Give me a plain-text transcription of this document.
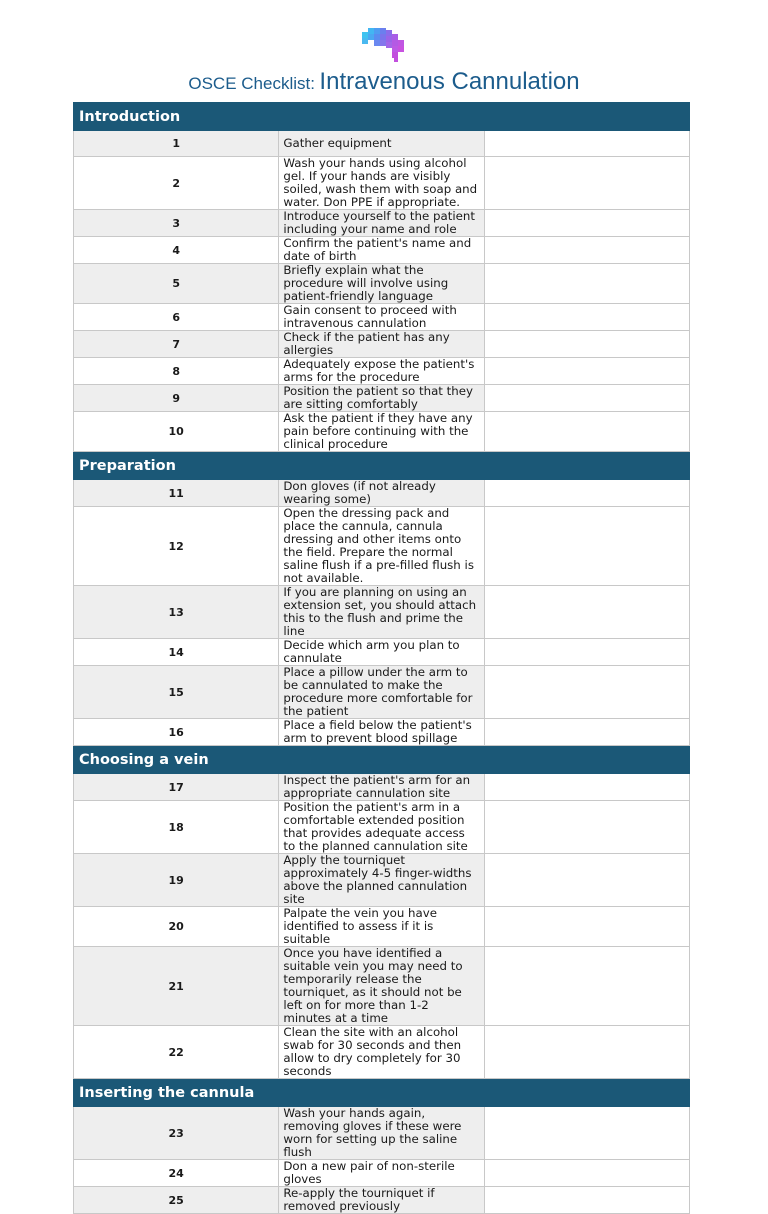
OSCE Checklist: Intravenous Cannulation
Introduction		
1	Gather equipment	
2	Wash your hands using alcohol gel. If your hands are visibly soiled, wash them with soap and water. Don PPE if appropriate.	
3	Introduce yourself to the patient including your name and role	
4	Confirm the patient's name and date of birth	
5	Briefly explain what the procedure will involve using patient-friendly language	
6	Gain consent to proceed with intravenous cannulation	
7	Check if the patient has any allergies	
8	Adequately expose the patient's arms for the procedure	
9	Position the patient so that they are sitting comfortably	
10	Ask the patient if they have any pain before continuing with the clinical procedure	
Preparation		
11	Don gloves (if not already wearing some)	
12	Open the dressing pack and place the cannula, cannula dressing and other items onto the field. Prepare the normal saline flush if a pre-filled flush is not available.	
13	If you are planning on using an extension set, you should attach this to the flush and prime the line	
14	Decide which arm you plan to cannulate	
15	Place a pillow under the arm to be cannulated to make the procedure more comfortable for the patient	
16	Place a field below the patient's arm to prevent blood spillage	
Choosing a vein		
17	Inspect the patient's arm for an appropriate cannulation site	
18	Position the patient's arm in a comfortable extended position that provides adequate access to the planned cannulation site	
19	Apply the tourniquet approximately 4-5 finger-widths above the planned cannulation site	
20	Palpate the vein you have identified to assess if it is suitable	
21	Once you have identified a suitable vein you may need to temporarily release the tourniquet, as it should not be left on for more than 1-2 minutes at a time	
22	Clean the site with an alcohol swab for 30 seconds and then allow to dry completely for 30 seconds	
Inserting the cannula		
23	Wash your hands again, removing gloves if these were worn for setting up the saline flush	
24	Don a new pair of non-sterile gloves	
25	Re-apply the tourniquet if removed previously	
